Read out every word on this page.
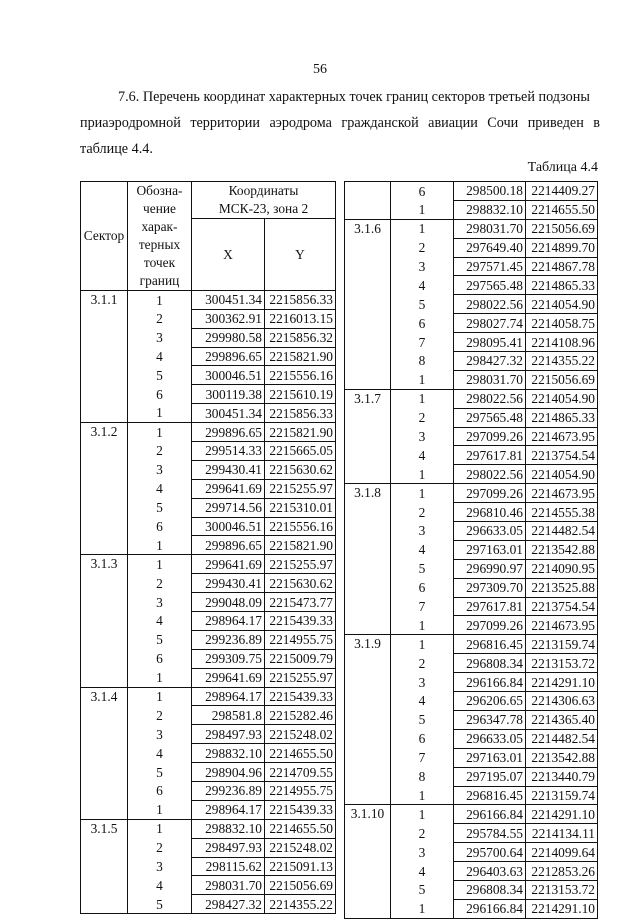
56
7.6. Перечень координат характерных точек границ секторов третьей подзоны
приаэродромной территории аэродрома гражданской авиации Сочи приведен в таблице 4.4.
Таблица 4.4
Сектор	Обозна-	Координаты	
	чение	МСК-23, зона 2	
	харак-	X	Y
	терных		
	точек		
	границ		
3.1.1	1	300451.34	2215856.33
	2	300362.91	2216013.15
	3	299980.58	2215856.32
	4	299896.65	2215821.90
	5	300046.51	2215556.16
	6	300119.38	2215610.19
	1	300451.34	2215856.33
3.1.2	1	299896.65	2215821.90
	2	299514.33	2215665.05
	3	299430.41	2215630.62
	4	299641.69	2215255.97
	5	299714.56	2215310.01
	6	300046.51	2215556.16
	1	299896.65	2215821.90
3.1.3	1	299641.69	2215255.97
	2	299430.41	2215630.62
	3	299048.09	2215473.77
	4	298964.17	2215439.33
	5	299236.89	2214955.75
	6	299309.75	2215009.79
	1	299641.69	2215255.97
3.1.4	1	298964.17	2215439.33
	2	298581.8	2215282.46
	3	298497.93	2215248.02
	4	298832.10	2214655.50
	5	298904.96	2214709.55
	6	299236.89	2214955.75
	1	298964.17	2215439.33
3.1.5	1	298832.10	2214655.50
	2	298497.93	2215248.02
	3	298115.62	2215091.13
	4	298031.70	2215056.69
	5	298427.32	2214355.22
	6	298500.18	2214409.27
	1	298832.10	2214655.50
3.1.6	1	298031.70	2215056.69
	2	297649.40	2214899.70
	3	297571.45	2214867.78
	4	297565.48	2214865.33
	5	298022.56	2214054.90
	6	298027.74	2214058.75
	7	298095.41	2214108.96
	8	298427.32	2214355.22
	1	298031.70	2215056.69
3.1.7	1	298022.56	2214054.90
	2	297565.48	2214865.33
	3	297099.26	2214673.95
	4	297617.81	2213754.54
	1	298022.56	2214054.90
3.1.8	1	297099.26	2214673.95
	2	296810.46	2214555.38
	3	296633.05	2214482.54
	4	297163.01	2213542.88
	5	296990.97	2214090.95
	6	297309.70	2213525.88
	7	297617.81	2213754.54
	1	297099.26	2214673.95
3.1.9	1	296816.45	2213159.74
	2	296808.34	2213153.72
	3	296166.84	2214291.10
	4	296206.65	2214306.63
	5	296347.78	2214365.40
	6	296633.05	2214482.54
	7	297163.01	2213542.88
	8	297195.07	2213440.79
	1	296816.45	2213159.74
3.1.10	1	296166.84	2214291.10
	2	295784.55	2214134.11
	3	295700.64	2214099.64
	4	296403.63	2212853.26
	5	296808.34	2213153.72
	1	296166.84	2214291.10
